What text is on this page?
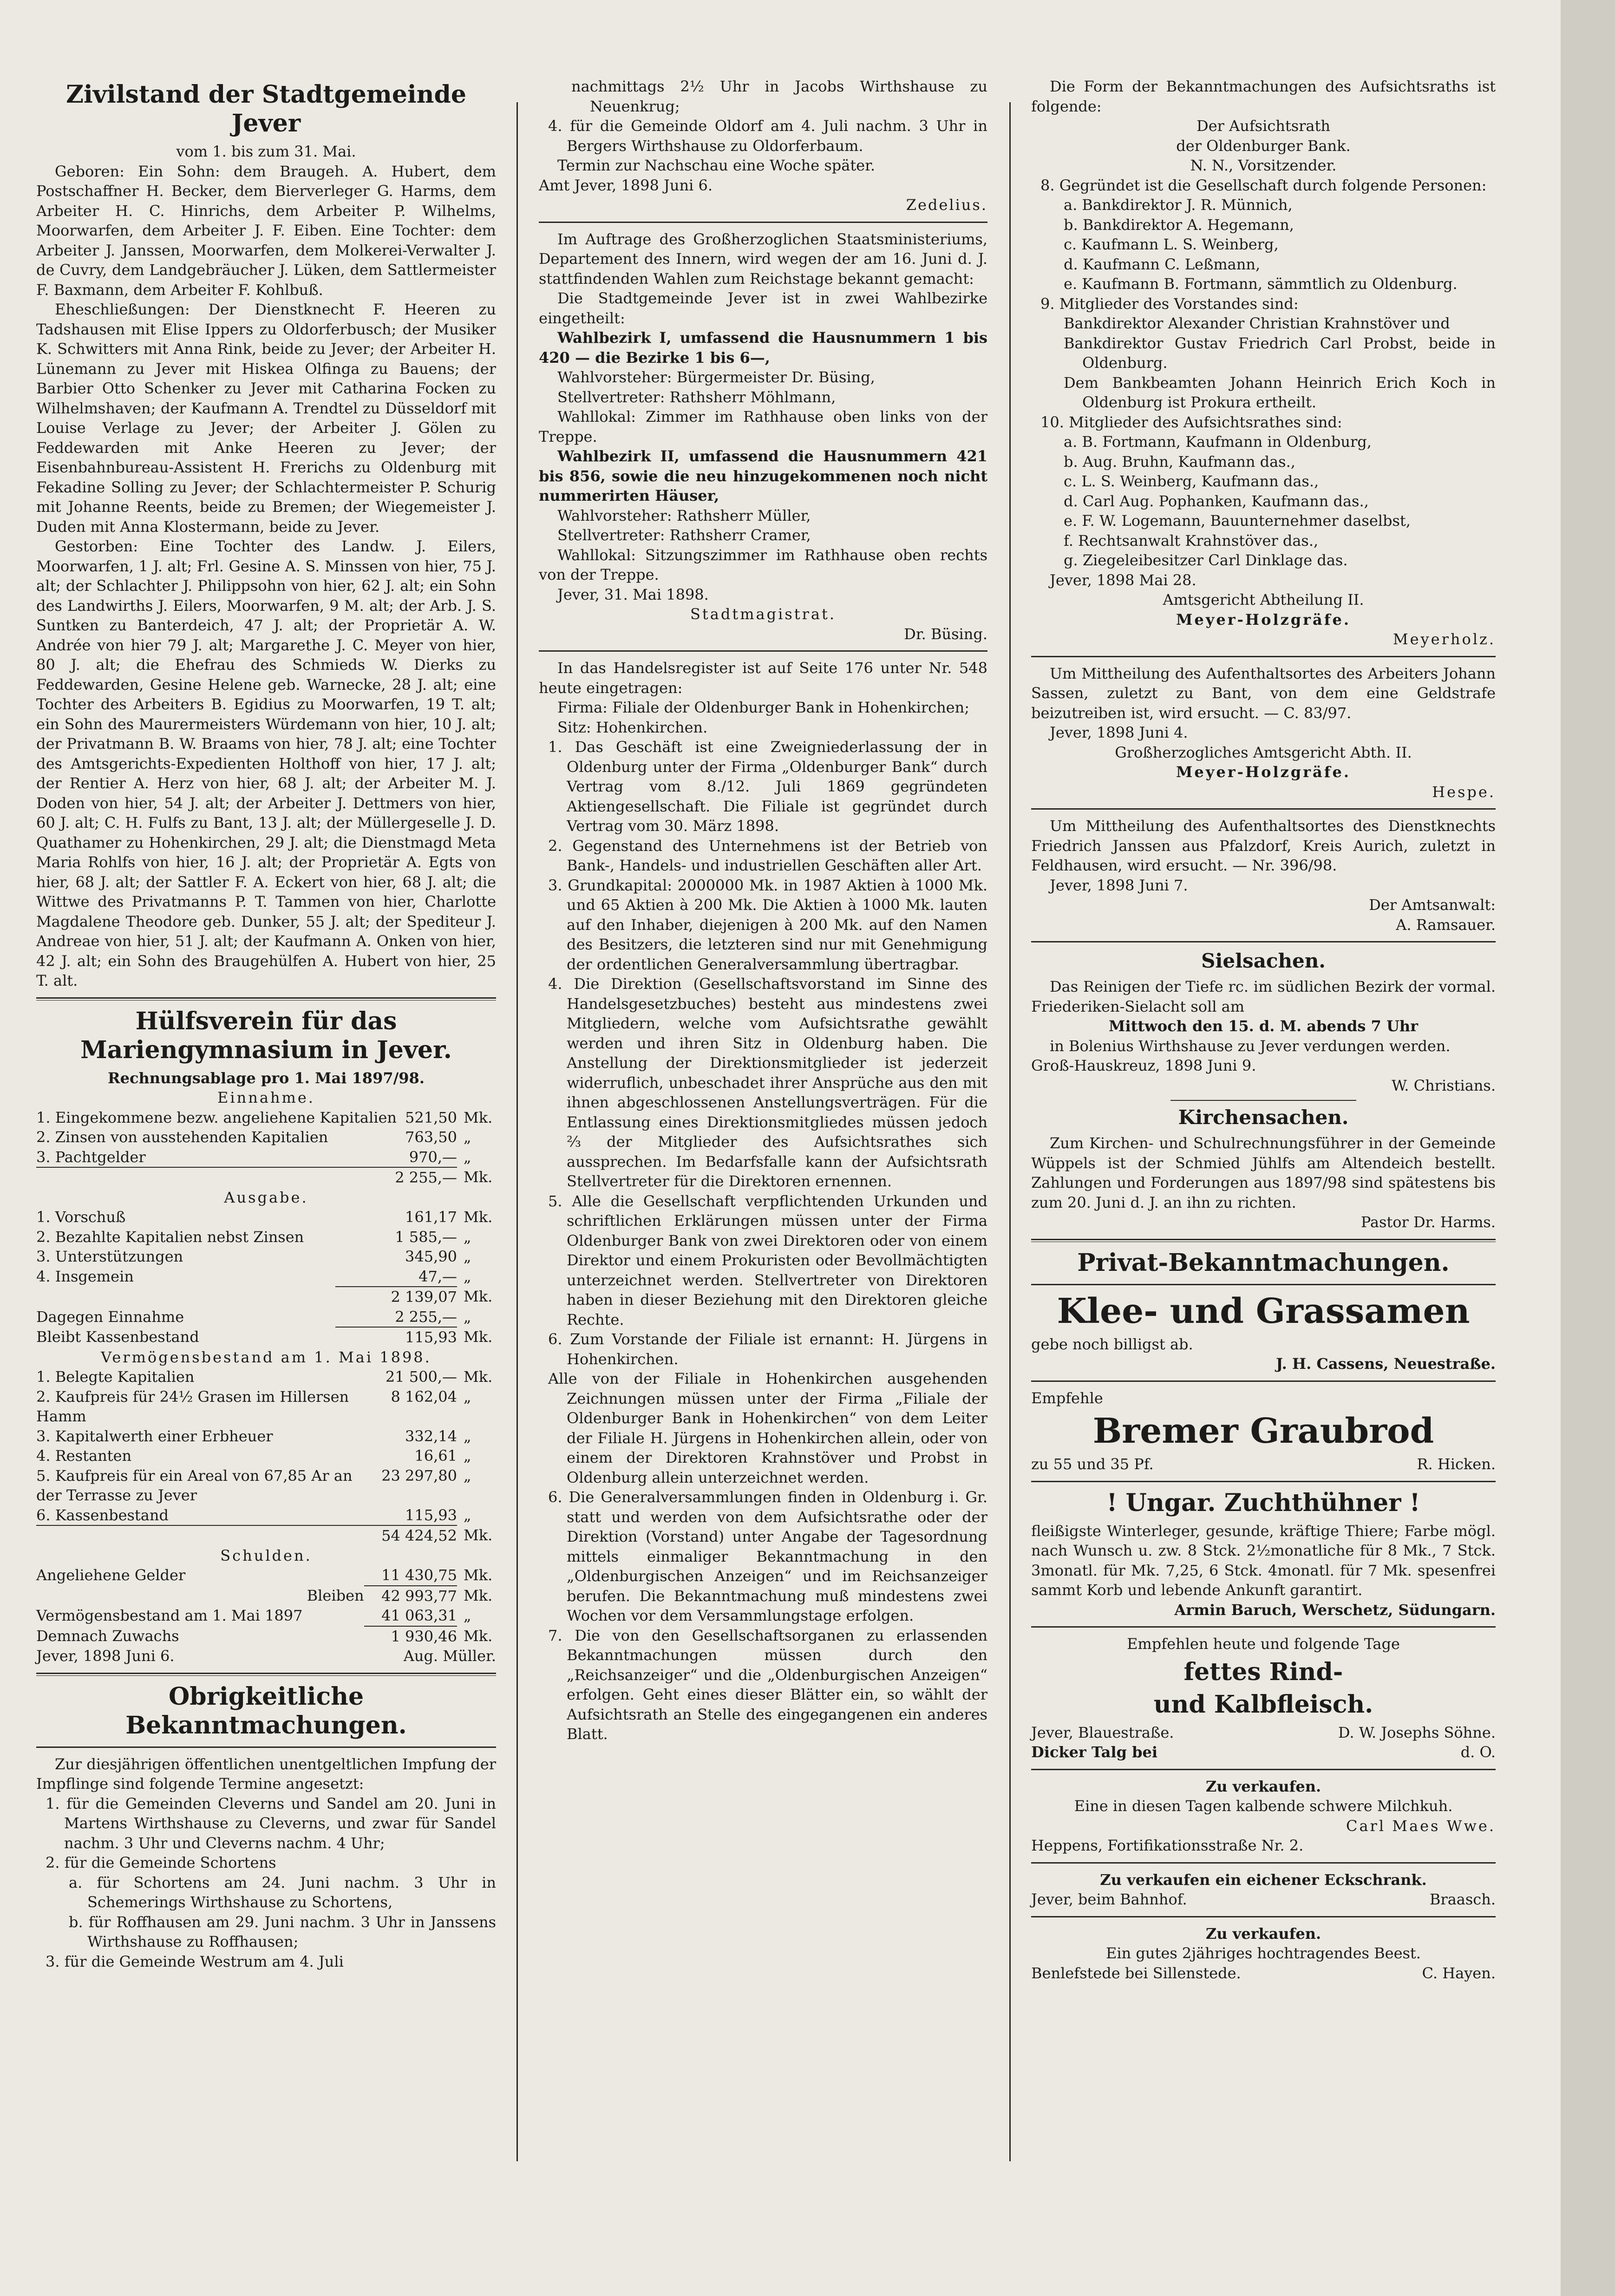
Zivilstand der Stadtgemeinde Jever

vom 1. bis zum 31. Mai.

Geboren: Ein Sohn: dem Braugeh. A. Hubert, dem Postschaffner H. Becker, dem Bierverleger G. Harms, dem Arbeiter H. C. Hinrichs, dem Arbeiter P. Wilhelms, Moorwarfen, dem Arbeiter J. F. Eiben. Eine Tochter: dem Arbeiter J. Janssen, Moorwarfen, dem Molkerei-Verwalter J. de Cuvry, dem Landgebräucher J. Lüken, dem Sattlermeister F. Baxmann, dem Arbeiter F. Kohlbuß.

Eheschließungen: Der Dienstknecht F. Heeren zu Tadshausen mit Elise Ippers zu Oldorferbusch; der Musiker K. Schwitters mit Anna Rink, beide zu Jever; der Arbeiter H. Lünemann zu Jever mit Hiskea Olfinga zu Bauens; der Barbier Otto Schenker zu Jever mit Catharina Focken zu Wilhelmshaven; der Kaufmann A. Trendtel zu Düsseldorf mit Louise Verlage zu Jever; der Arbeiter J. Gölen zu Feddewarden mit Anke Heeren zu Jever; der Eisenbahnbureau-Assistent H. Frerichs zu Oldenburg mit Fekadine Solling zu Jever; der Schlachtermeister P. Schurig mit Johanne Reents, beide zu Bremen; der Wiegemeister J. Duden mit Anna Klostermann, beide zu Jever.

Gestorben: Eine Tochter des Landw. J. Eilers, Moorwarfen, 1 J. alt; Frl. Gesine A. S. Minssen von hier, 75 J. alt; der Schlachter J. Philippsohn von hier, 62 J. alt; ein Sohn des Landwirths J. Eilers, Moorwarfen, 9 M. alt; der Arb. J. S. Suntken zu Banterdeich, 47 J. alt; der Proprietär A. W. Andrée von hier 79 J. alt; Margarethe J. C. Meyer von hier, 80 J. alt; die Ehefrau des Schmieds W. Dierks zu Feddewarden, Gesine Helene geb. Warnecke, 28 J. alt; eine Tochter des Arbeiters B. Egidius zu Moorwarfen, 19 T. alt; ein Sohn des Maurermeisters Würdemann von hier, 10 J. alt; der Privatmann B. W. Braams von hier, 78 J. alt; eine Tochter des Amtsgerichts-Expedienten Holthoff von hier, 17 J. alt; der Rentier A. Herz von hier, 68 J. alt; der Arbeiter M. J. Doden von hier, 54 J. alt; der Arbeiter J. Dettmers von hier, 60 J. alt; C. H. Fulfs zu Bant, 13 J. alt; der Müllergeselle J. D. Quathamer zu Hohenkirchen, 29 J. alt; die Dienstmagd Meta Maria Rohlfs von hier, 16 J. alt; der Proprietär A. Egts von hier, 68 J. alt; der Sattler F. A. Eckert von hier, 68 J. alt; die Wittwe des Privatmanns P. T. Tammen von hier, Charlotte Magdalene Theodore geb. Dunker, 55 J. alt; der Spediteur J. Andreae von hier, 51 J. alt; der Kaufmann A. Onken von hier, 42 J. alt; ein Sohn des Braugehülfen A. Hubert von hier, 25 T. alt.

Hülfsverein für das Mariengymnasium in Jever.

Rechnungsablage pro 1. Mai 1897/98.

Einnahme.

1. Eingekommene bezw. angeliehene Kapitalien	521,50	Mk.
2. Zinsen von ausstehenden Kapitalien	763,50	„
3. Pachtgelder	970,—	„
	2 255,—	Mk.

Ausgabe.

1. Vorschuß	161,17	Mk.
2. Bezahlte Kapitalien nebst Zinsen	1 585,—	„
3. Unterstützungen	345,90	„
4. Insgemein	47,—	„
	2 139,07	Mk.
Dagegen Einnahme	2 255,—	„
Bleibt Kassenbestand	115,93	Mk.

Vermögensbestand am 1. Mai 1898.

1. Belegte Kapitalien	21 500,—	Mk.
2. Kaufpreis für 24½ Grasen im Hillersen Hamm	8 162,04	„
3. Kapitalwerth einer Erbheuer	332,14	„
4. Restanten	16,61	„
5. Kaufpreis für ein Areal von 67,85 Ar an der Terrasse zu Jever	23 297,80	„
6. Kassenbestand	115,93	„
	54 424,52	Mk.

Schulden.

Angeliehene Gelder	11 430,75	Mk.
Bleiben	42 993,77	Mk.
Vermögensbestand am 1. Mai 1897	41 063,31	„
Demnach Zuwachs	1 930,46	Mk.
Jever, 1898 Juni 6.	Aug. Müller.	
Obrigkeitliche Bekanntmachungen.

Zur diesjährigen öffentlichen unentgeltlichen Impfung der Impflinge sind folgende Termine angesetzt:

1. für die Gemeinden Cleverns und Sandel am 20. Juni in Martens Wirthshause zu Cleverns, und zwar für Sandel nachm. 3 Uhr und Cleverns nachm. 4 Uhr;

2. für die Gemeinde Schortens

a. für Schortens am 24. Juni nachm. 3 Uhr in Schemerings Wirthshause zu Schortens,

b. für Roffhausen am 29. Juni nachm. 3 Uhr in Janssens Wirthshause zu Roffhausen;

3. für die Gemeinde Westrum am 4. Juli

nachmittags 2½ Uhr in Jacobs Wirthshause zu Neuenkrug;

4. für die Gemeinde Oldorf am 4. Juli nachm. 3 Uhr in Bergers Wirthshause zu Oldorferbaum.

Termin zur Nachschau eine Woche später.

Amt Jever, 1898 Juni 6.

Zedelius.

Im Auftrage des Großherzoglichen Staatsministeriums, Departement des Innern, wird wegen der am 16. Juni d. J. stattfindenden Wahlen zum Reichstage bekannt gemacht:

Die Stadtgemeinde Jever ist in zwei Wahlbezirke eingetheilt:

Wahlbezirk I, umfassend die Hausnummern 1 bis 420 — die Bezirke 1 bis 6—,

Wahlvorsteher: Bürgermeister Dr. Büsing,

Stellvertreter: Rathsherr Möhlmann,

Wahllokal: Zimmer im Rathhause oben links von der Treppe.

Wahlbezirk II, umfassend die Hausnummern 421 bis 856, sowie die neu hinzugekommenen noch nicht nummerirten Häuser,

Wahlvorsteher: Rathsherr Müller,

Stellvertreter: Rathsherr Cramer,

Wahllokal: Sitzungszimmer im Rathhause oben rechts von der Treppe.

Jever, 31. Mai 1898.

Stadtmagistrat.

Dr. Büsing.

In das Handelsregister ist auf Seite 176 unter Nr. 548 heute eingetragen:

Firma: Filiale der Oldenburger Bank in Hohenkirchen;

Sitz: Hohenkirchen.

1. Das Geschäft ist eine Zweigniederlassung der in Oldenburg unter der Firma „Oldenburger Bank“ durch Vertrag vom 8./12. Juli 1869 gegründeten Aktiengesellschaft. Die Filiale ist gegründet durch Vertrag vom 30. März 1898.

2. Gegenstand des Unternehmens ist der Betrieb von Bank-, Handels- und industriellen Geschäften aller Art.

3. Grundkapital: 2000000 Mk. in 1987 Aktien à 1000 Mk. und 65 Aktien à 200 Mk. Die Aktien à 1000 Mk. lauten auf den Inhaber, diejenigen à 200 Mk. auf den Namen des Besitzers, die letzteren sind nur mit Genehmigung der ordentlichen Generalversammlung übertragbar.

4. Die Direktion (Gesellschaftsvorstand im Sinne des Handelsgesetzbuches) besteht aus mindestens zwei Mitgliedern, welche vom Aufsichtsrathe gewählt werden und ihren Sitz in Oldenburg haben. Die Anstellung der Direktionsmitglieder ist jederzeit widerruflich, unbeschadet ihrer Ansprüche aus den mit ihnen abgeschlossenen Anstellungsverträgen. Für die Entlassung eines Direktionsmitgliedes müssen jedoch ⅔ der Mitglieder des Aufsichtsrathes sich aussprechen. Im Bedarfsfalle kann der Aufsichtsrath Stellvertreter für die Direktoren ernennen.

5. Alle die Gesellschaft verpflichtenden Urkunden und schriftlichen Erklärungen müssen unter der Firma Oldenburger Bank von zwei Direktoren oder von einem Direktor und einem Prokuristen oder Bevollmächtigten unterzeichnet werden. Stellvertreter von Direktoren haben in dieser Beziehung mit den Direktoren gleiche Rechte.

6. Zum Vorstande der Filiale ist ernannt: H. Jürgens in Hohenkirchen.

Alle von der Filiale in Hohenkirchen ausgehenden Zeichnungen müssen unter der Firma „Filiale der Oldenburger Bank in Hohenkirchen“ von dem Leiter der Filiale H. Jürgens in Hohenkirchen allein, oder von einem der Direktoren Krahnstöver und Probst in Oldenburg allein unterzeichnet werden.

6. Die Generalversammlungen finden in Oldenburg i. Gr. statt und werden von dem Aufsichtsrathe oder der Direktion (Vorstand) unter Angabe der Tagesordnung mittels einmaliger Bekanntmachung in den „Oldenburgischen Anzeigen“ und im Reichsanzeiger berufen. Die Bekanntmachung muß mindestens zwei Wochen vor dem Versammlungstage erfolgen.

7. Die von den Gesellschaftsorganen zu erlassenden Bekanntmachungen müssen durch den „Reichsanzeiger“ und die „Oldenburgischen Anzeigen“ erfolgen. Geht eines dieser Blätter ein, so wählt der Aufsichtsrath an Stelle des eingegangenen ein anderes Blatt.

Die Form der Bekanntmachungen des Aufsichtsraths ist folgende:

Der Aufsichtsrath

der Oldenburger Bank.

N. N., Vorsitzender.

8. Gegründet ist die Gesellschaft durch folgende Personen:

a. Bankdirektor J. R. Münnich,

b. Bankdirektor A. Hegemann,

c. Kaufmann L. S. Weinberg,

d. Kaufmann C. Leßmann,

e. Kaufmann B. Fortmann, sämmtlich zu Oldenburg.

9. Mitglieder des Vorstandes sind:

Bankdirektor Alexander Christian Krahnstöver und

Bankdirektor Gustav Friedrich Carl Probst, beide in Oldenburg.

Dem Bankbeamten Johann Heinrich Erich Koch in Oldenburg ist Prokura ertheilt.

10. Mitglieder des Aufsichtsrathes sind:

a. B. Fortmann, Kaufmann in Oldenburg,

b. Aug. Bruhn, Kaufmann das.,

c. L. S. Weinberg, Kaufmann das.,

d. Carl Aug. Pophanken, Kaufmann das.,

e. F. W. Logemann, Bauunternehmer daselbst,

f. Rechtsanwalt Krahnstöver das.,

g. Ziegeleibesitzer Carl Dinklage das.

Jever, 1898 Mai 28.

Amtsgericht Abtheilung II.

Meyer-Holzgräfe.

Meyerholz.

Um Mittheilung des Aufenthaltsortes des Arbeiters Johann Sassen, zuletzt zu Bant, von dem eine Geldstrafe beizutreiben ist, wird ersucht. — C. 83/97.

Jever, 1898 Juni 4.

Großherzogliches Amtsgericht Abth. II.

Meyer-Holzgräfe.

Hespe.

Um Mittheilung des Aufenthaltsortes des Dienstknechts Friedrich Janssen aus Pfalzdorf, Kreis Aurich, zuletzt in Feldhausen, wird ersucht. — Nr. 396/98.

Jever, 1898 Juni 7.

Der Amtsanwalt:

A. Ramsauer.

Sielsachen.

Das Reinigen der Tiefe rc. im südlichen Bezirk der vormal. Friederiken-Sielacht soll am

Mittwoch den 15. d. M. abends 7 Uhr

in Bolenius Wirthshause zu Jever verdungen werden.

Groß-Hauskreuz, 1898 Juni 9.

W. Christians.

Kirchensachen.

Zum Kirchen- und Schulrechnungsführer in der Gemeinde Wüppels ist der Schmied Jühlfs am Altendeich bestellt. Zahlungen und Forderungen aus 1897/98 sind spätestens bis zum 20. Juni d. J. an ihn zu richten.

Pastor Dr. Harms.

Privat-Bekanntmachungen.
Klee- und Grassamen

gebe noch billigst ab.

J. H. Cassens, Neuestraße.

Empfehle

Bremer Graubrod
zu 55 und 35 Pf.	R. Hicken.
! Ungar. Zuchthühner !

fleißigste Winterleger, gesunde, kräftige Thiere; Farbe mögl. nach Wunsch u. zw. 8 Stck. 2½monatliche für 8 Mk., 7 Stck. 3monatl. für Mk. 7,25, 6 Stck. 4monatl. für 7 Mk. spesenfrei sammt Korb und lebende Ankunft garantirt.

Armin Baruch, Werschetz, Südungarn.

Empfehlen heute und folgende Tage

fettes Rind-
und Kalbfleisch.
Jever, Blauestraße.	D. W. Josephs Söhne.
Dicker Talg bei	d. O.

Zu verkaufen.

Eine in diesen Tagen kalbende schwere Milchkuh.

Carl Maes Wwe.

Heppens, Fortifikationsstraße Nr. 2.

Zu verkaufen ein eichener Eckschrank.

Jever, beim Bahnhof.	Braasch.

Zu verkaufen.

Ein gutes 2jähriges hochtragendes Beest.

Benlefstede bei Sillenstede.	C. Hayen.
